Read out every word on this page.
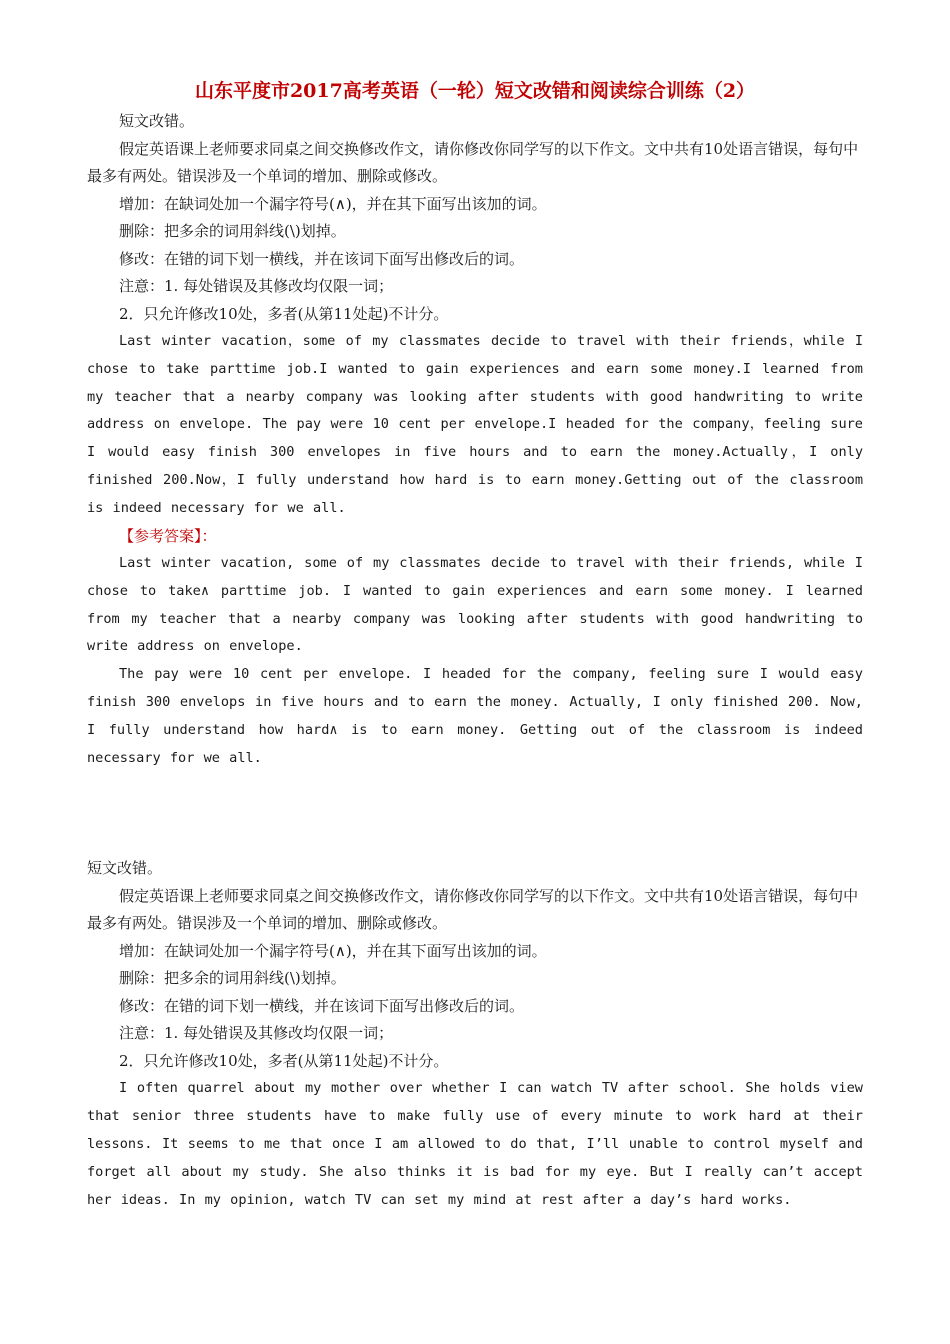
山东平度市2017高考英语（一轮）短文改错和阅读综合训练（2）

短文改错。

假定英语课上老师要求同桌之间交换修改作文，请你修改你同学写的以下作文。文中共有10处语言错误，每句中最多有两处。错误涉及一个单词的增加、删除或修改。

增加：在缺词处加一个漏字符号(∧)，并在其下面写出该加的词。

删除：把多余的词用斜线(\)划掉。

修改：在错的词下划一横线，并在该词下面写出修改后的词。

注意：1. 每处错误及其修改均仅限一词；

2．只允许修改10处，多者(从第11处起)不计分。

Last winter vacation，some of my classmates decide to travel with their friends，while I chose to take parttime job.I wanted to gain experiences and earn some money.I learned from my teacher that a nearby company was looking after students with good handwriting to write address on envelope. The pay were 10 cent per envelope.I headed for the company，feeling sure I would easy finish 300 envelopes in five hours and to earn the money.Actually，I only finished 200.Now，I fully understand how hard is to earn money.Getting out of the classroom is indeed necessary for we all.

【参考答案】：

Last winter vacation, some of my classmates decide to travel with their friends, while I chose to take∧ parttime job. I wanted to gain experiences and earn some money. I learned from my teacher that a nearby company was looking after students with good handwriting to write address on envelope.

The pay were 10 cent per envelope. I headed for the company, feeling sure I would easy finish 300 envelops in five hours and to earn the money. Actually, I only finished 200. Now, I fully understand how hard∧ is to earn money. Getting out of the classroom is indeed necessary for we all.

短文改错。

假定英语课上老师要求同桌之间交换修改作文，请你修改你同学写的以下作文。文中共有10处语言错误，每句中最多有两处。错误涉及一个单词的增加、删除或修改。

增加：在缺词处加一个漏字符号(∧)，并在其下面写出该加的词。

删除：把多余的词用斜线(\)划掉。

修改：在错的词下划一横线，并在该词下面写出修改后的词。

注意：1. 每处错误及其修改均仅限一词；

2．只允许修改10处，多者(从第11处起)不计分。

I often quarrel about my mother over whether I can watch TV after school. She holds view that senior three students have to make fully use of every minute to work hard at their lessons. It seems to me that once I am allowed to do that, I’ll unable to control myself and forget all about my study. She also thinks it is bad for my eye. But I really can’t accept her ideas. In my opinion, watch TV can set my mind at rest after a day’s hard works.
